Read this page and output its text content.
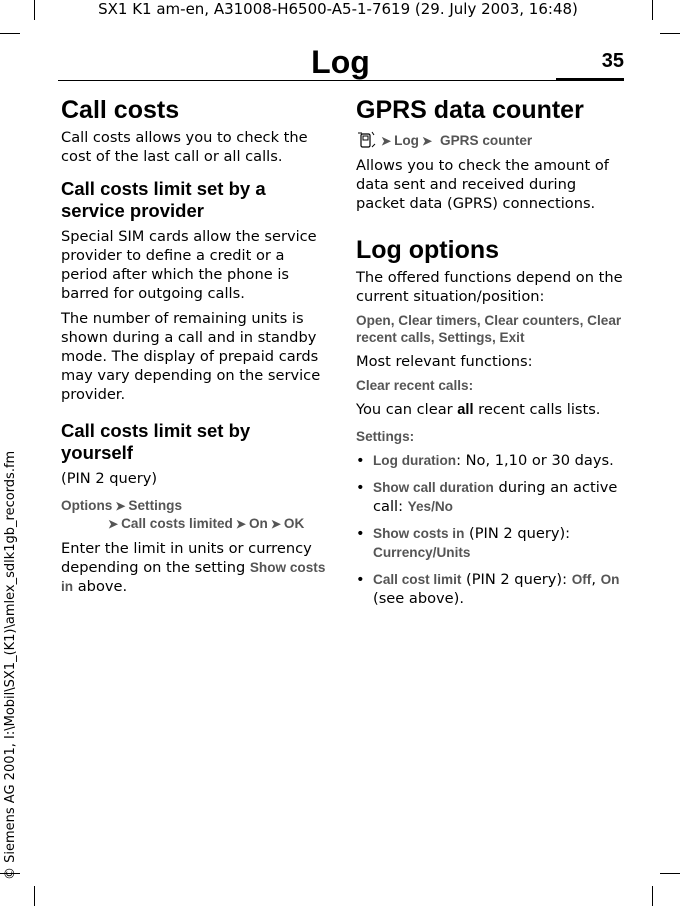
SX1 K1 am-en, A31008-H6500-A5-1-7619 (29. July 2003, 16:48)
© Siemens AG 2001, I:\Mobil\SX1_(K1)\amlex_sdlk1gb_records.fm
Log	35
Call costs

Call costs allows you to check the cost of the last call or all calls.

Call costs limit set by a service provider

Special SIM cards allow the service provider to define a credit or a period after which the phone is barred for outgoing calls.

The number of remaining units is shown during a call and in standby mode. The display of prepaid cards may vary depending on the service provider.

Call costs limit set by yourself

(PIN 2 query)

Options ➤ Settings
➤ Call costs limited ➤ On ➤ OK

Enter the limit in units or currency depending on the setting Show costs in above.

GPRS data counter
➤ Log ➤ GPRS counter

Allows you to check the amount of data sent and received during packet data (GPRS) connections.

Log options

The offered functions depend on the current situation/position:

Open, Clear timers, Clear counters, Clear recent calls, Settings, Exit

Most relevant functions:

Clear recent calls:

You can clear all recent calls lists.

Settings:
• Log duration: No, 1,10 or 30 days.
• Show call duration during an active call: Yes/No
• Show costs in (PIN 2 query): Currency/Units
• Call cost limit (PIN 2 query): Off, On (see above).
